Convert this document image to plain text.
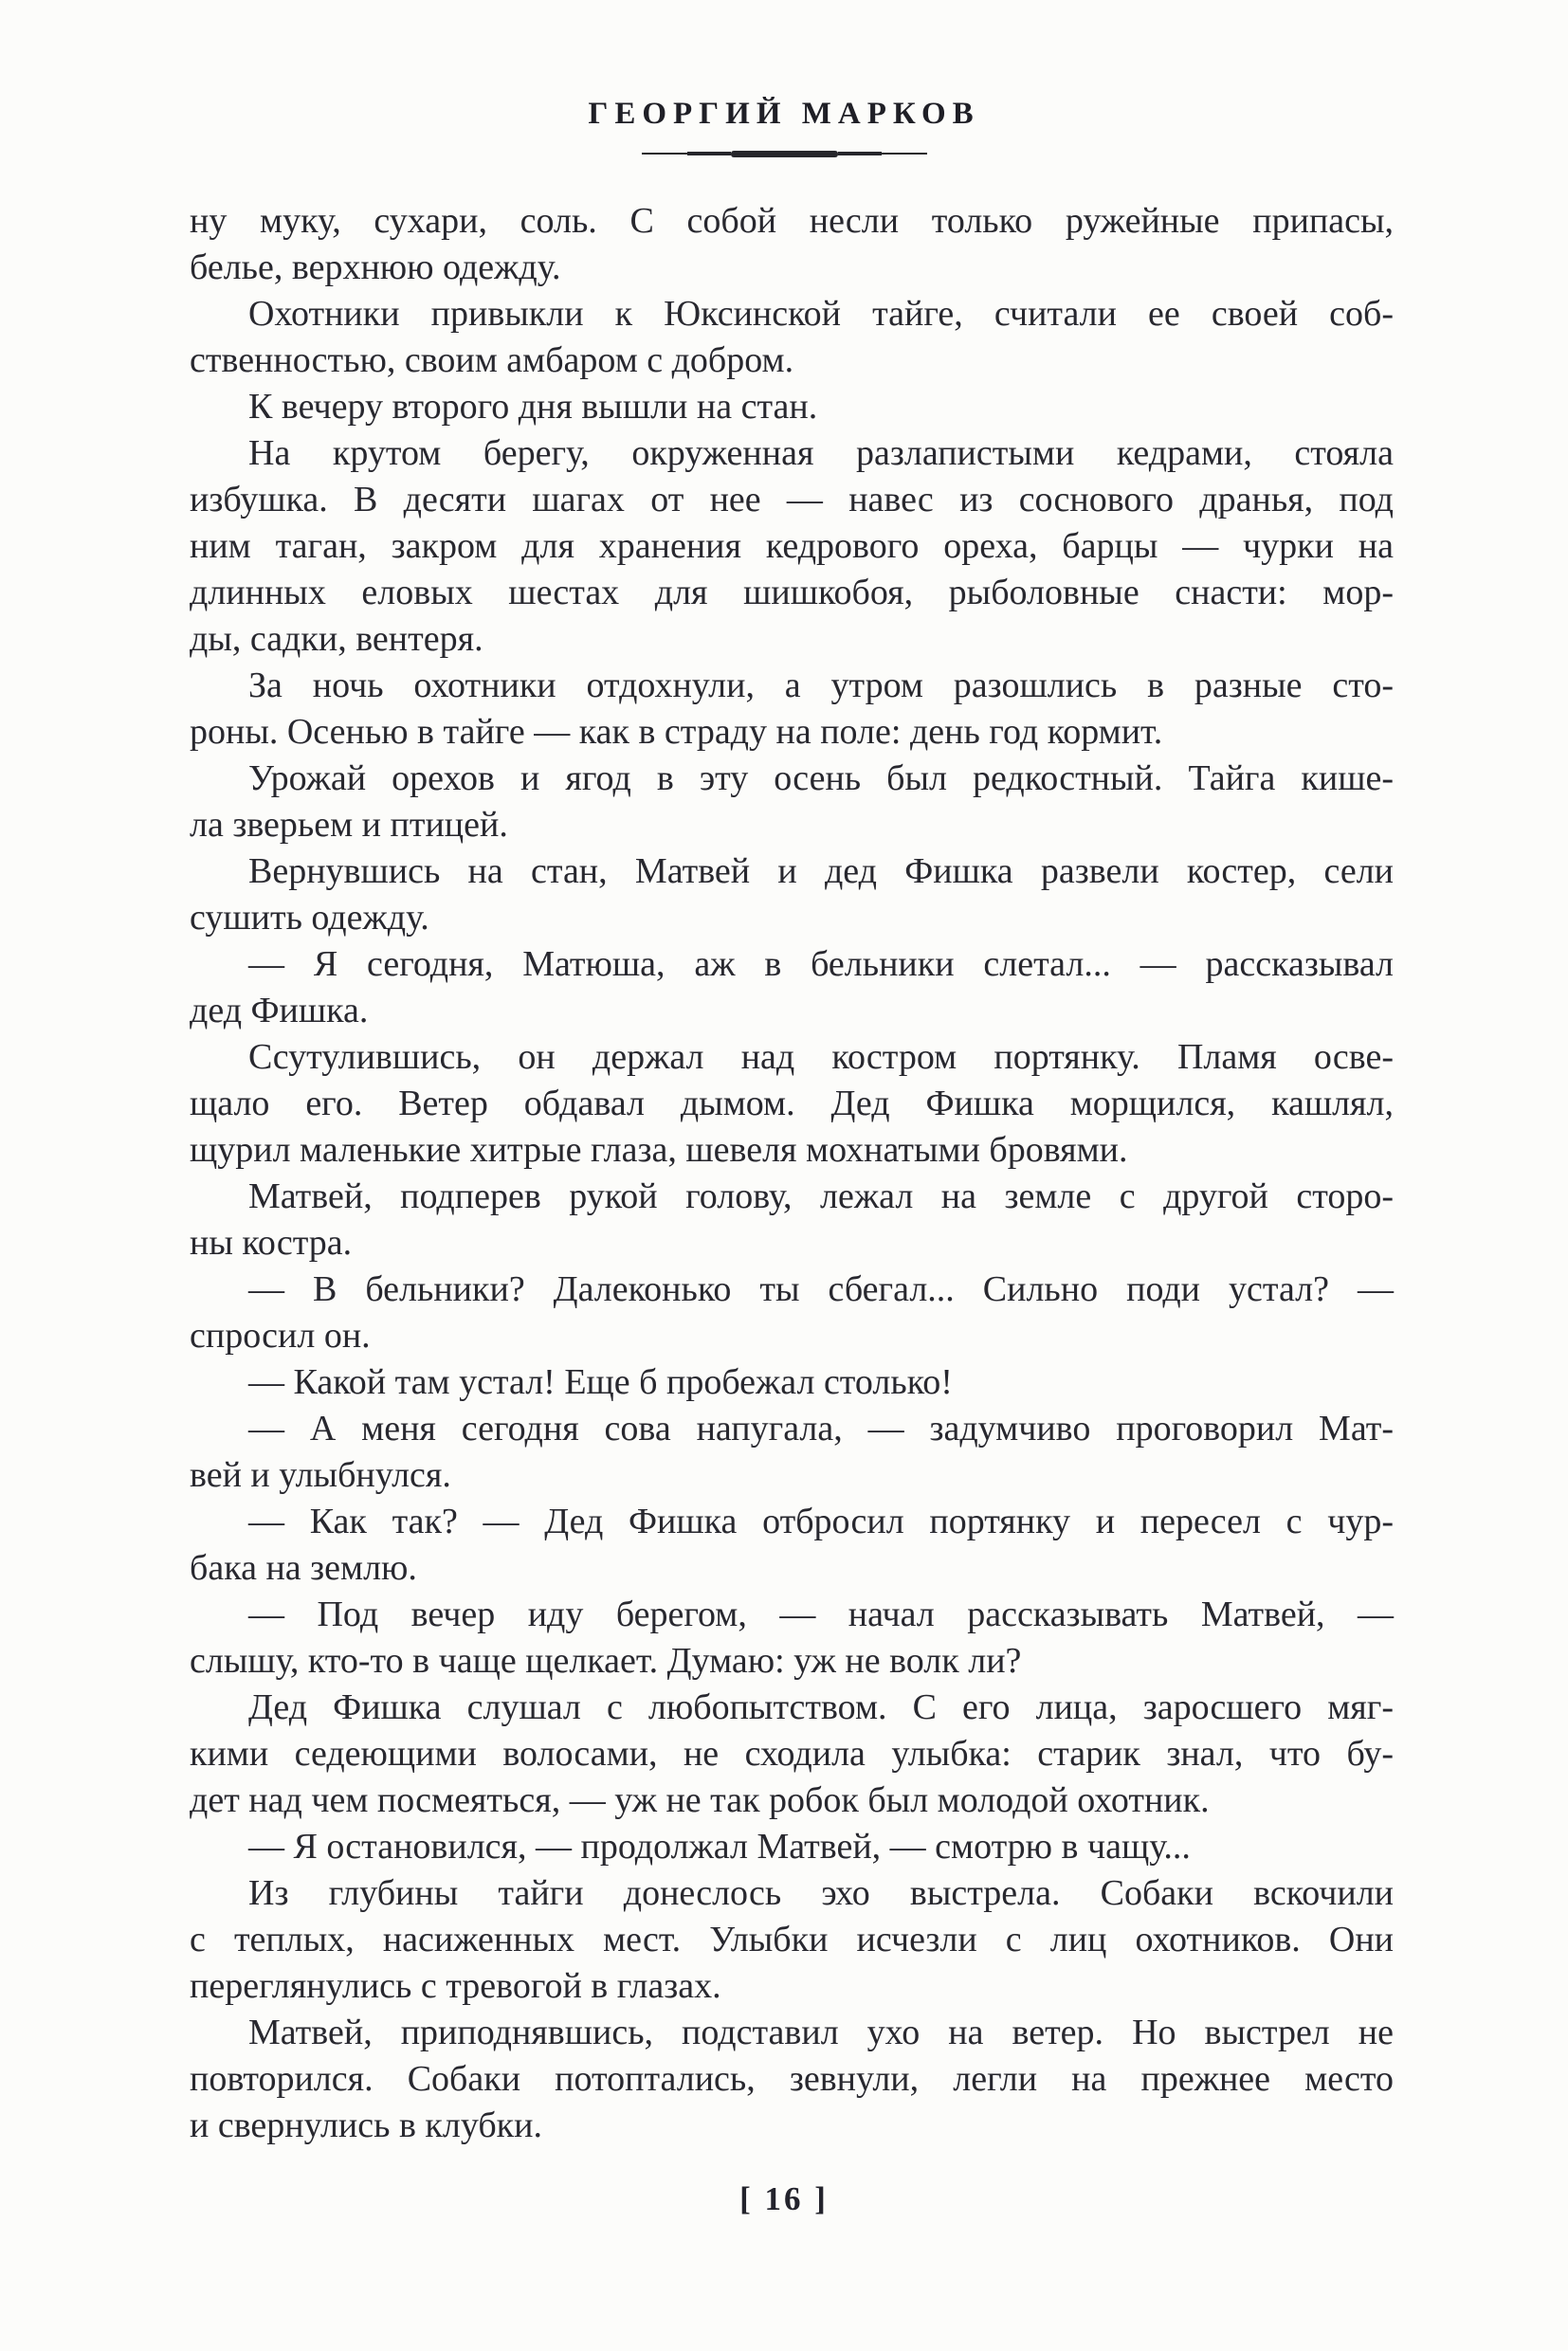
ГЕОРГИЙ МАРКОВ
ну муку, сухари, соль. С собой несли только ружейные припасы,
белье, верхнюю одежду.
Охотники привыкли к Юксинской тайге, считали ее своей соб-
ственностью, своим амбаром с добром.
К вечеру второго дня вышли на стан.
На крутом берегу, окруженная разлапистыми кедрами, стояла
избушка. В десяти шагах от нее — навес из соснового дранья, под
ним таган, закром для хранения кедрового ореха, барцы — чурки на
длинных еловых шестах для шишкобоя, рыболовные снасти: мор-
ды, садки, вентеря.
За ночь охотники отдохнули, а утром разошлись в разные сто-
роны. Осенью в тайге — как в страду на поле: день год кормит.
Урожай орехов и ягод в эту осень был редкостный. Тайга кише-
ла зверьем и птицей.
Вернувшись на стан, Матвей и дед Фишка развели костер, сели
сушить одежду.
— Я сегодня, Матюша, аж в бельники слетал... — рассказывал
дед Фишка.
Ссутулившись, он держал над костром портянку. Пламя осве-
щало его. Ветер обдавал дымом. Дед Фишка морщился, кашлял,
щурил маленькие хитрые глаза, шевеля мохнатыми бровями.
Матвей, подперев рукой голову, лежал на земле с другой сторо-
ны костра.
— В бельники? Далеконько ты сбегал... Сильно поди устал? —
спросил он.
— Какой там устал! Еще б пробежал столько!
— А меня сегодня сова напугала, — задумчиво проговорил Мат-
вей и улыбнулся.
— Как так? — Дед Фишка отбросил портянку и пересел с чур-
бака на землю.
— Под вечер иду берегом, — начал рассказывать Матвей, —
слышу, кто-то в чаще щелкает. Думаю: уж не волк ли?
Дед Фишка слушал с любопытством. С его лица, заросшего мяг-
кими седеющими волосами, не сходила улыбка: старик знал, что бу-
дет над чем посмеяться, — уж не так робок был молодой охотник.
— Я остановился, — продолжал Матвей, — смотрю в чащу...
Из глубины тайги донеслось эхо выстрела. Собаки вскочили
с теплых, насиженных мест. Улыбки исчезли с лиц охотников. Они
переглянулись с тревогой в глазах.
Матвей, приподнявшись, подставил ухо на ветер. Но выстрел не
повторился. Собаки потоптались, зевнули, легли на прежнее место
и свернулись в клубки.
[ 16 ]
